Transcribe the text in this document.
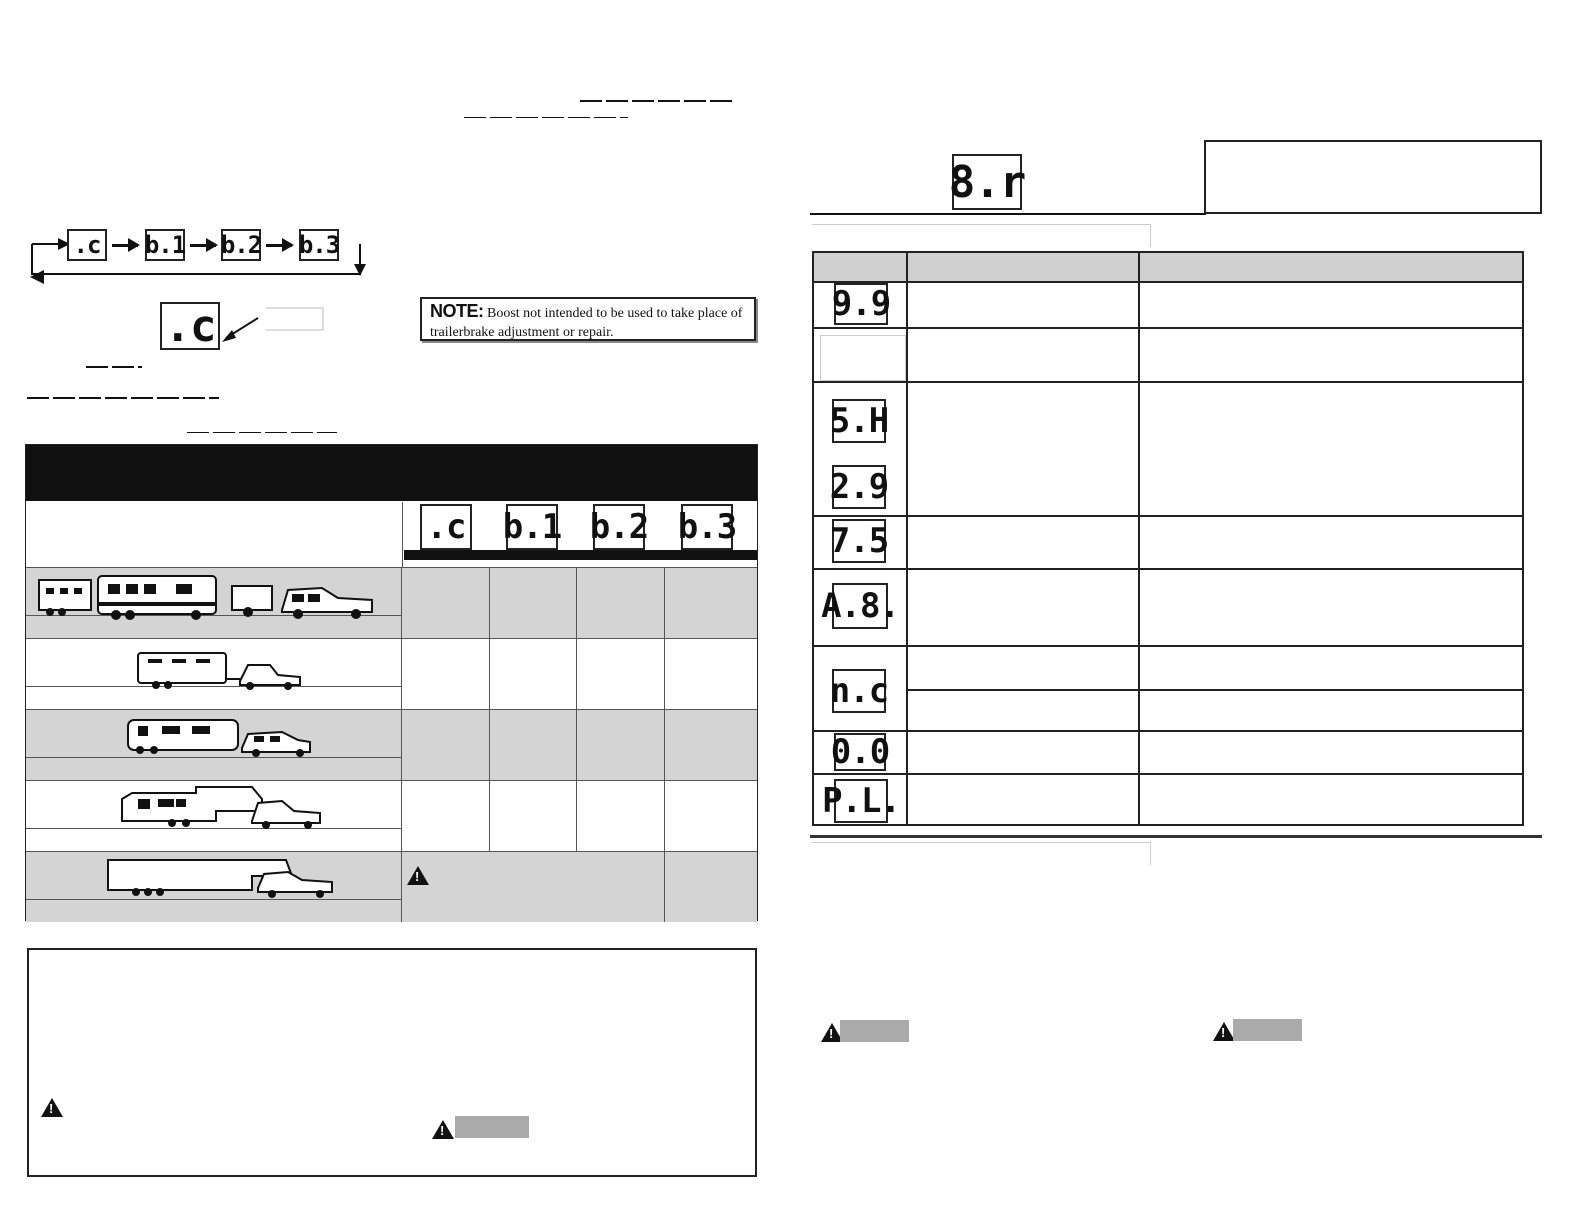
.c b.1 b.2 b.3
.c	NOTE: Boost not intended to be used to take place of
trailerbrake adjustment or repair.
.c b.1 b.2 b.3
!
!
!
8.r
9.9
5.H
2.9
7.5
A.8.
n.c
0.0
P.L.
!
!
